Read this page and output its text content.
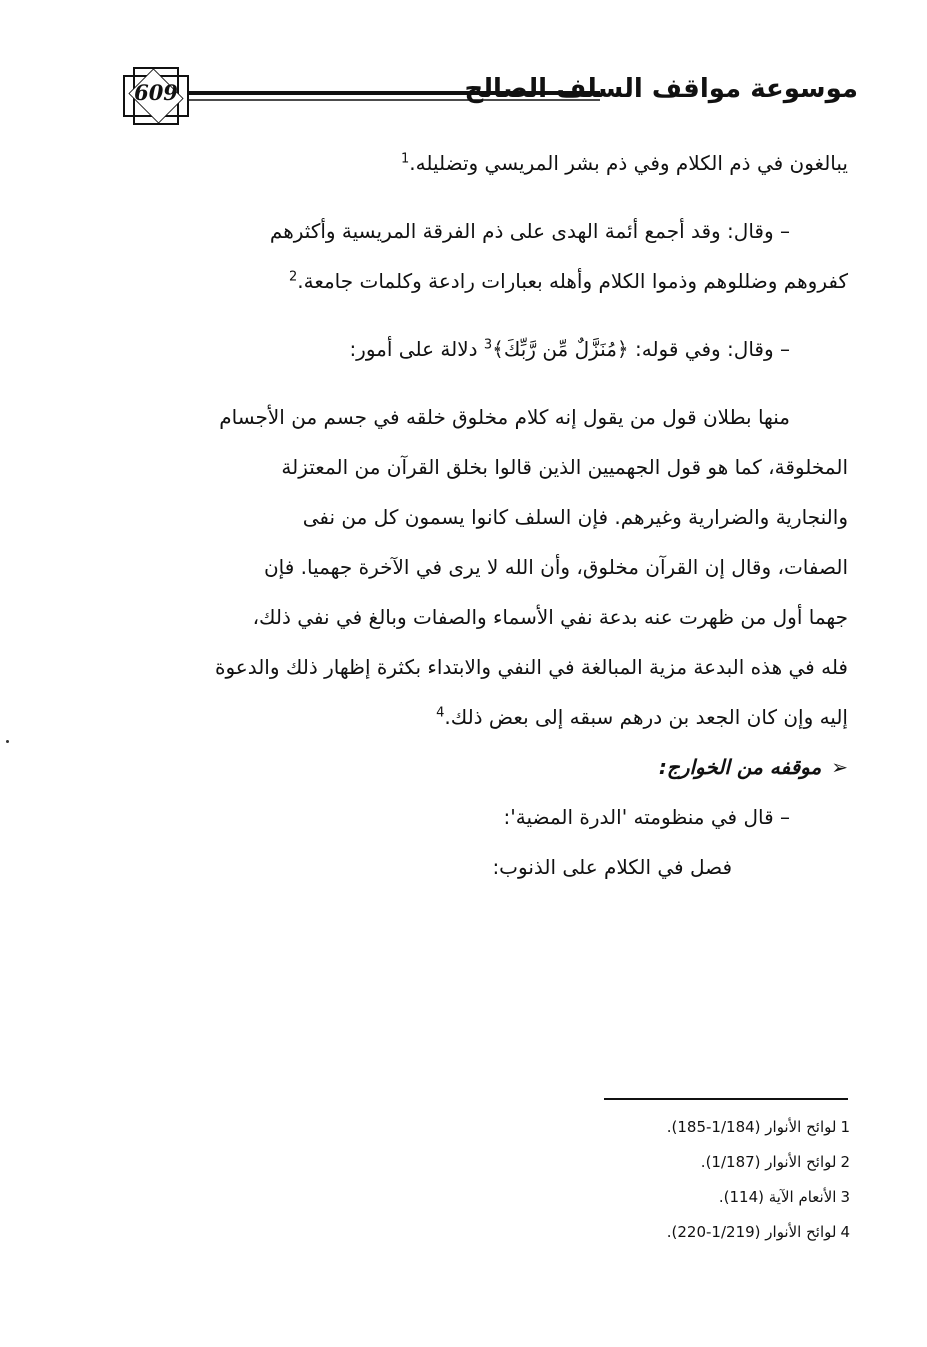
609	موسوعة مواقف السلف الصالح
يبالغون في ذم الكلام وفي ذم بشر المريسي وتضليله.$^1$
– وقال: وقد أجمع أئمة الهدى على ذم الفرقة المريسية وأكثرهم
كفروهم وضللوهم وذموا الكلام وأهله بعبارات رادعة وكلمات جامعة.$^2$
– وقال: وفي قوله: ﴿مُنَزَّلٌ مِّن رَّبِّكَ﴾$^3$ دلالة على أمور:
منها بطلان قول من يقول إنه كلام مخلوق خلقه في جسم من الأجسام
المخلوقة، كما هو قول الجهميين الذين قالوا بخلق القرآن من المعتزلة
والنجارية والضرارية وغيرهم. فإن السلف كانوا يسمون كل من نفى
الصفات، وقال إن القرآن مخلوق، وأن الله لا يرى في الآخرة جهميا. فإن
جهما أول من ظهرت عنه بدعة نفي الأسماء والصفات وبالغ في نفي ذلك،
فله في هذه البدعة مزية المبالغة في النفي والابتداء بكثرة إظهار ذلك والدعوة
إليه وإن كان الجعد بن درهم سبقه إلى بعض ذلك.$^4$
➢موقفه من الخوارج:
– قال في منظومته 'الدرة المضية':
فصل في الكلام على الذنوب:
1لوائح الأنوار (1/184-185).
2لوائح الأنوار (1/187).
3الأنعام الآية (114).
4لوائح الأنوار (1/219-220).
